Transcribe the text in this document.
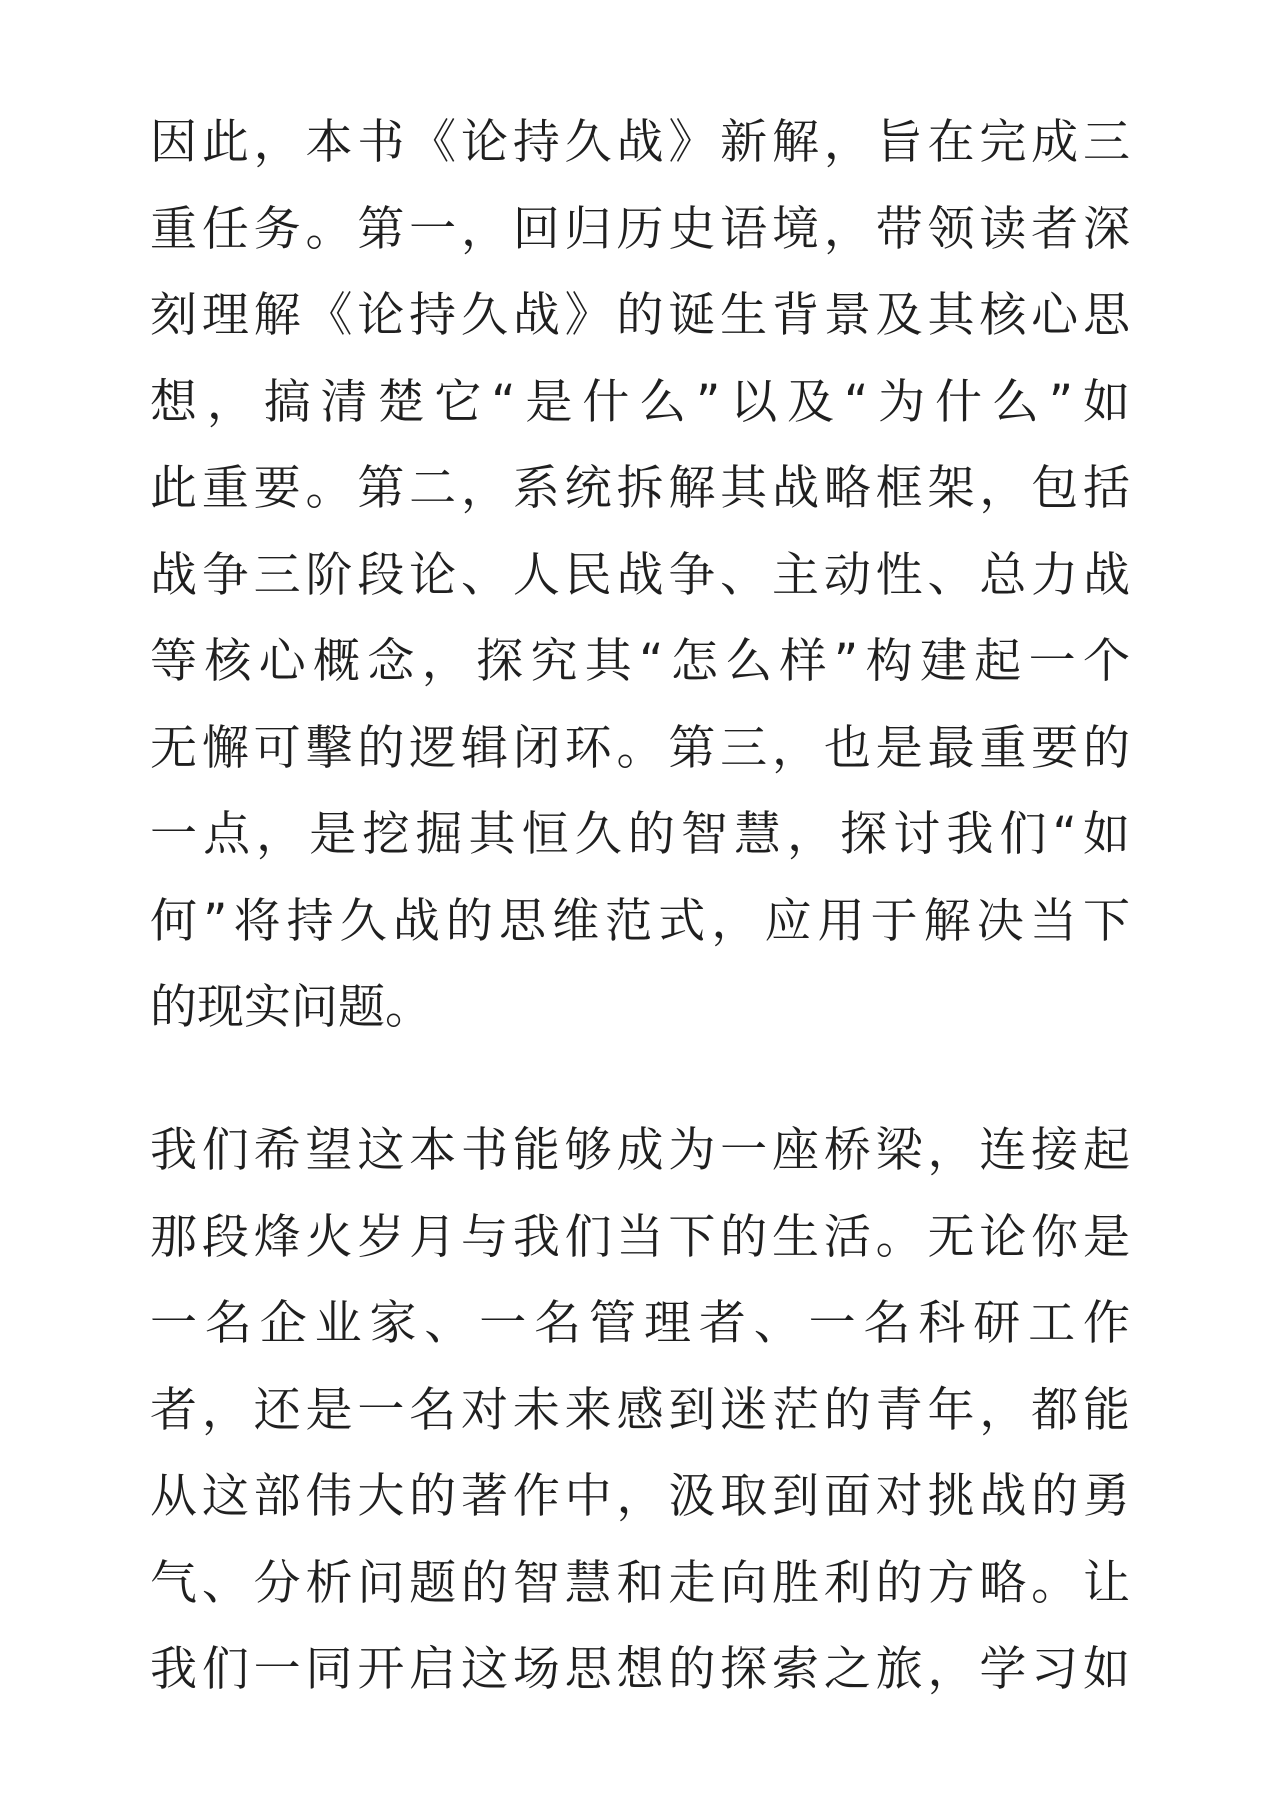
因此，本书《论持久战》新解，旨在完成三
重任务。第一，回归历史语境，带领读者深
刻理解《论持久战》的诞生背景及其核心思
想，搞清楚它“是什么”以及“为什么”如
此重要。第二，系统拆解其战略框架，包括
战争三阶段论、人民战争、主动性、总力战
等核心概念，探究其“怎么样”构建起一个
无懈可擊的逻辑闭环。第三，也是最重要的
一点，是挖掘其恒久的智慧，探讨我们“如
何”将持久战的思维范式，应用于解决当下
的现实问题。
我们希望这本书能够成为一座桥梁，连接起
那段烽火岁月与我们当下的生活。无论你是
一名企业家、一名管理者、一名科研工作
者，还是一名对未来感到迷茫的青年，都能
从这部伟大的著作中，汲取到面对挑战的勇
气、分析问题的智慧和走向胜利的方略。让
我们一同开启这场思想的探索之旅，学习如
